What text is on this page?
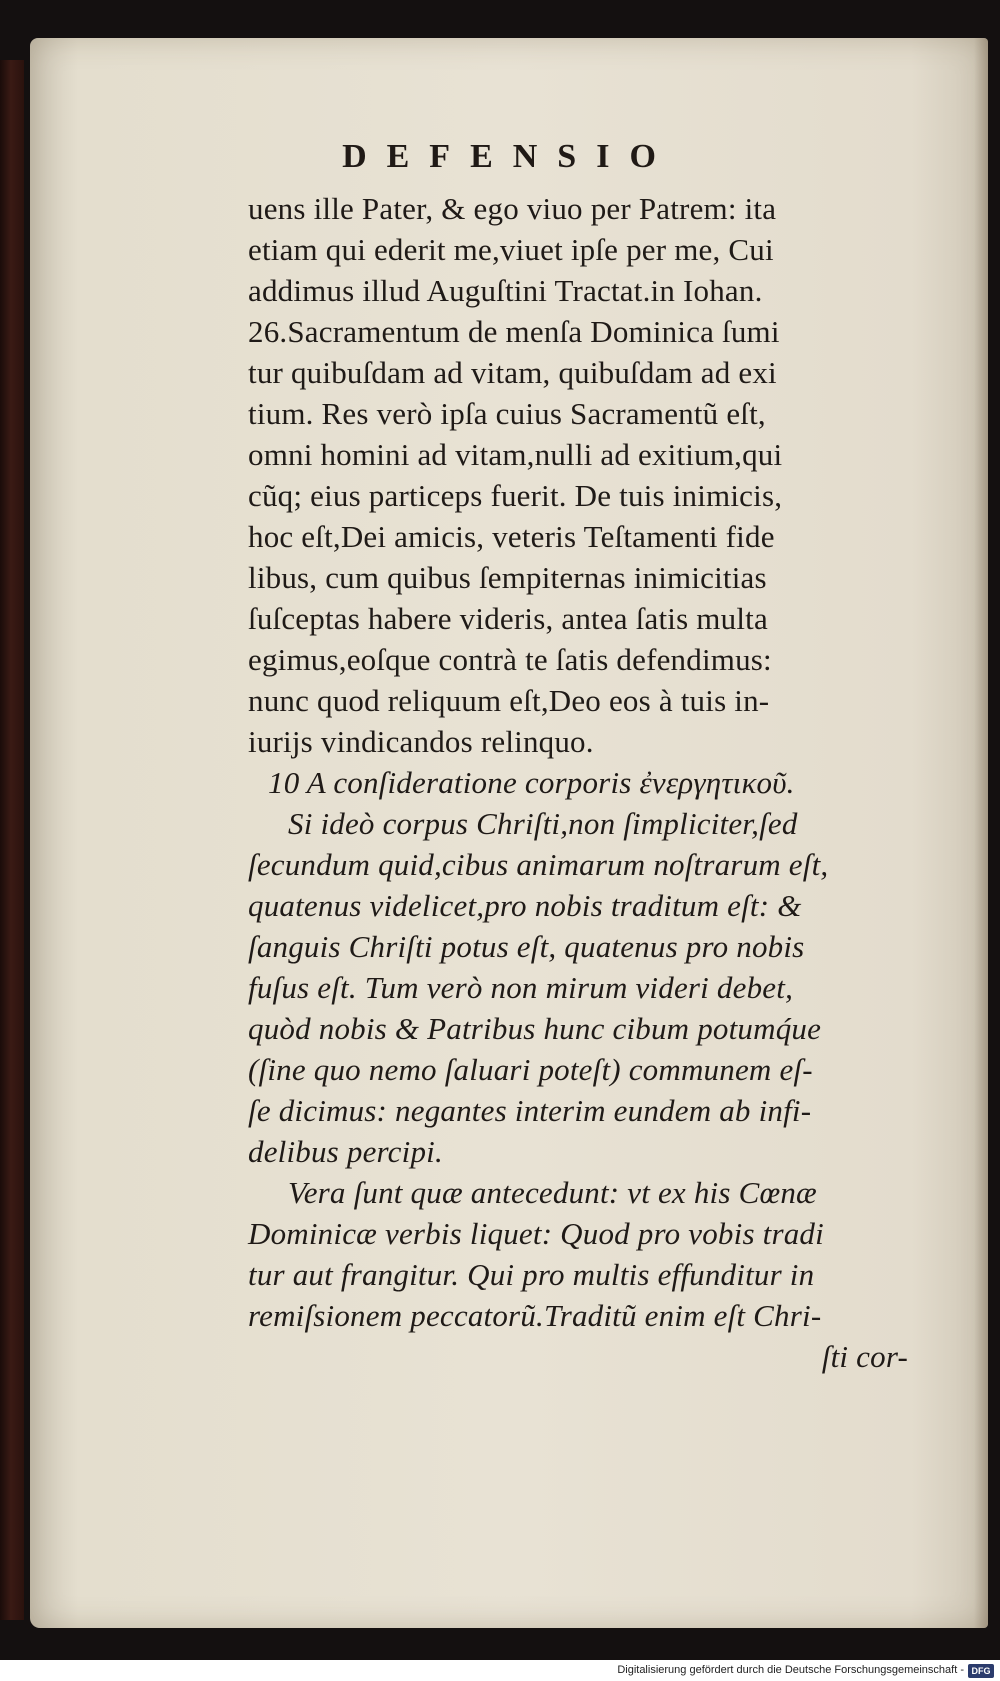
DEFENSIO
uens ille Pater, & ego viuo per Patrem: ita
etiam qui ederit me,viuet ipſe per me, Cui
addimus illud Auguſtini Tractat.in Iohan.
26.Sacramentum de menſa Dominica ſumi
tur quibuſdam ad vitam, quibuſdam ad exi
tium. Res verò ipſa cuius Sacramentũ eſt,
omni homini ad vitam,nulli ad exitium,qui
cũq; eius particeps fuerit. De tuis inimicis,
hoc eſt,Dei amicis, veteris Teſtamenti fide
libus, cum quibus ſempiternas inimicitias
ſuſceptas habere videris, antea ſatis multa
egimus,eoſque contrà te ſatis defendimus:
nunc quod reliquum eſt,Deo eos à tuis in-
iurijs vindicandos relinquo.
10 A conſideratione corporis ἐνεργητικοῦ.
Si ideò corpus Chriſti,non ſimpliciter,ſed
ſecundum quid,cibus animarum noſtrarum eſt,
quatenus videlicet,pro nobis traditum eſt: &
ſanguis Chriſti potus eſt, quatenus pro nobis
fuſus eſt. Tum verò non mirum videri debet,
quòd nobis & Patribus hunc cibum potumq́ue
(ſine quo nemo ſaluari poteſt) communem eſ-
ſe dicimus: negantes interim eundem ab infi-
delibus percipi.
Vera ſunt quæ antecedunt: vt ex his Cœnæ
Dominicæ verbis liquet: Quod pro vobis tradi
tur aut frangitur. Qui pro multis effunditur in
remiſsionem peccatorũ.Traditũ enim eſt Chri-
ſti cor-
Digitalisierung gefördert durch die Deutsche Forschungsgemeinschaft - DFG
